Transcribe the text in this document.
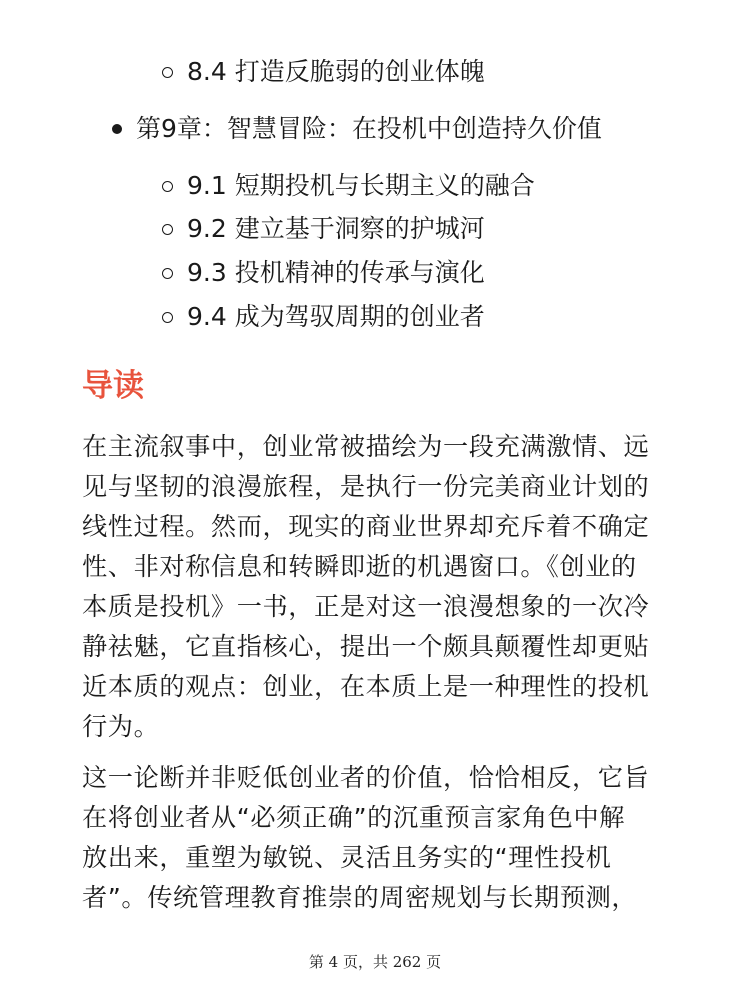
8.4 打造反脆弱的创业体魄
第9章：智慧冒险：在投机中创造持久价值
9.1 短期投机与长期主义的融合
9.2 建立基于洞察的护城河
9.3 投机精神的传承与演化
9.4 成为驾驭周期的创业者
导读

在主流叙事中，创业常被描绘为一段充满激情、远
见与坚韧的浪漫旅程，是执行一份完美商业计划的
线性过程。然而，现实的商业世界却充斥着不确定
性、非对称信息和转瞬即逝的机遇窗口。《创业的
本质是投机》一书，正是对这一浪漫想象的一次冷
静祛魅，它直指核心，提出一个颇具颠覆性却更贴
近本质的观点：创业，在本质上是一种理性的投机
行为。

这一论断并非贬低创业者的价值，恰恰相反，它旨
在将创业者从“必须正确”的沉重预言家角色中解
放出来，重塑为敏锐、灵活且务实的“理性投机
者”。传统管理教育推崇的周密规划与长期预测，

第 4 页，共 262 页
